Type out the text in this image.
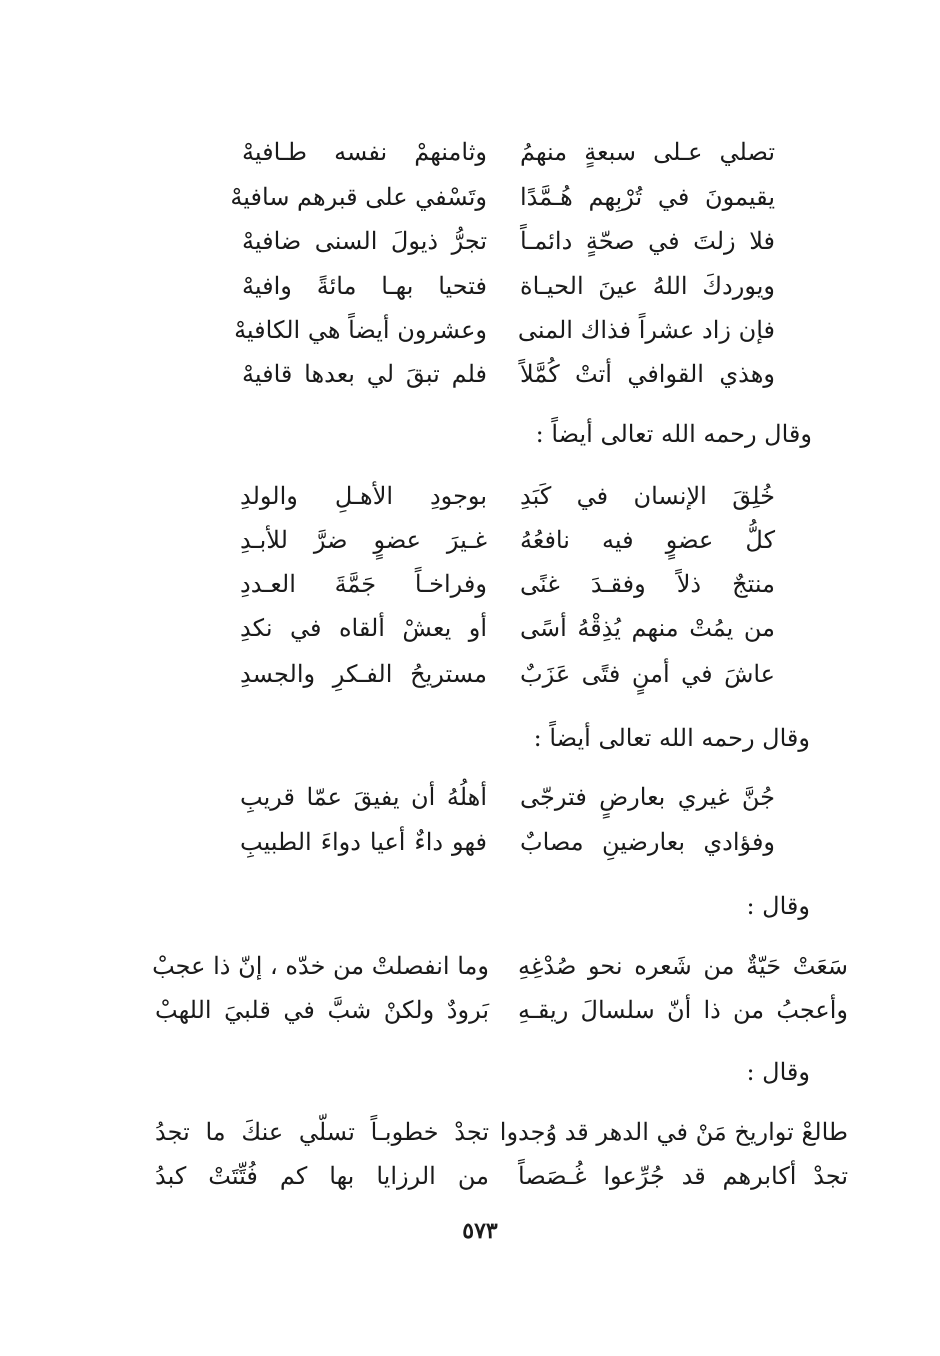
تصلي عـلى سبعةٍ منهمُ
وثامنهمْ نفسه طـافيهْ
يقيمونَ في تُرْبِهم هُـمَّدًا
وتَسْفي على قبرهم سافيهْ
فلا زلتَ في صحّةٍ دائمـاً
تجرُّ ذيولَ السنى ضافيهْ
ويوردكَ اللهُ عينَ الحيـاة
فتحيا بهـا مائةً وافيهْ
فإن زاد عشراً فذاك المنى
وعشرون أيضاً هي الكافيهْ
وهذي القوافي أتتْ كُمَّلاً
فلم تبقَ لي بعدها قافيهْ
وقال رحمه الله تعالى أيضاً :
خُلِقَ الإنسان في كَبَدِ
بوجودِ الأهـلِ والولدِ
كلُّ عضوٍ فيه نافعُهُ
غـيرَ عضوٍ ضرَّ للأبـدِ
منتجٌ ذلاً وفقـدَ غنًى
وفراخـاً جَمَّةَ العـددِ
من يمُتْ منهم يُذِقْهُ أسًى
أو يعشْ ألقاه في نكدِ
عاشَ في أمنٍ فتًى عَزَبٌ
مستريحُ الفـكرِ والجسدِ
وقال رحمه الله تعالى أيضاً :
جُنَّ غيري بعارضٍ فترجّى
أهلُهُ أن يفيقَ عمّا قريبِ
وفؤادي بعارضينِ مصابٌ
فهو داءٌ أعيا دواءَ الطبيبِ
وقال :
سَعَتْ حَيّةٌ من شَعره نحو صُدْغِهِ
وما انفصلتْ من خدّه ، إنّ ذا عجبْ
وأعجبُ من ذا أنّ سلسالَ ريقـهِ
بَرودٌ ولكنْ شبَّ في قلبيَ اللهبْ
وقال :
طالعْ تواريخ مَنْ في الدهر قد وُجدوا
تجدْ خطوبـاً تسلّي عنكَ ما تجدُ
تجدْ أكابرهم قد جُرِّعوا غُـصَصاً
من الرزايا بها كم فُتِّتَتْ كبدُ
٥٧٣
